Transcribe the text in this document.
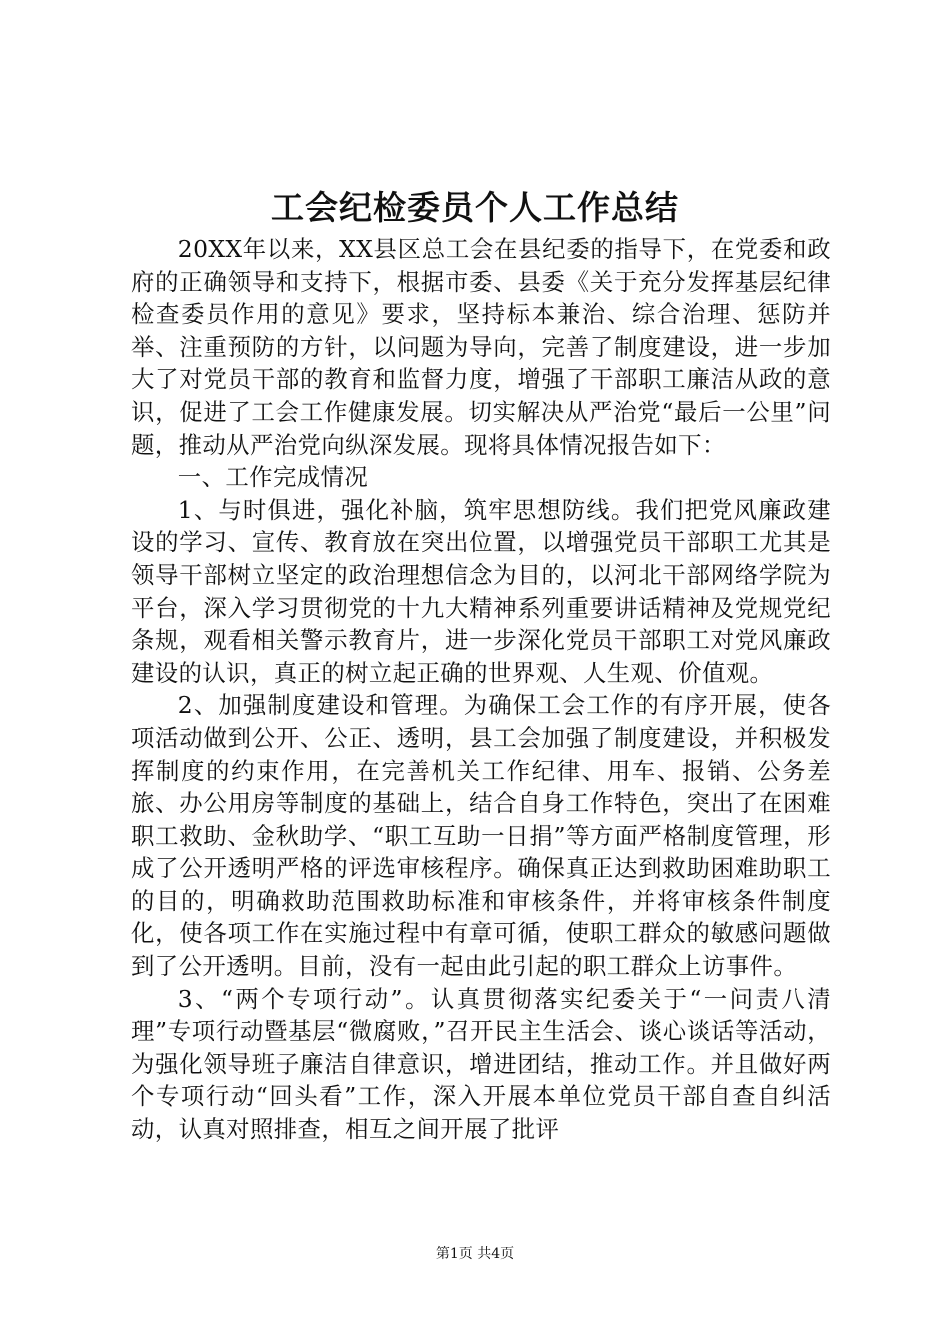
工会纪检委员个人工作总结

20XX年以来，XX县区总工会在县纪委的指导下，在党委和政府的正确领导和支持下，根据市委、县委《关于充分发挥基层纪律检查委员作用的意见》要求，坚持标本兼治、综合治理、惩防并举、注重预防的方针，以问题为导向，完善了制度建设，进一步加大了对党员干部的教育和监督力度，增强了干部职工廉洁从政的意识，促进了工会工作健康发展。切实解决从严治党“最后一公里”问题，推动从严治党向纵深发展。现将具体情况报告如下：

一、工作完成情况

1、与时俱进，强化补脑，筑牢思想防线。我们把党风廉政建设的学习、宣传、教育放在突出位置，以增强党员干部职工尤其是领导干部树立坚定的政治理想信念为目的，以河北干部网络学院为平台，深入学习贯彻党的十九大精神系列重要讲话精神及党规党纪条规，观看相关警示教育片，进一步深化党员干部职工对党风廉政建设的认识，真正的树立起正确的世界观、人生观、价值观。

2、加强制度建设和管理。为确保工会工作的有序开展，使各项活动做到公开、公正、透明，县工会加强了制度建设，并积极发挥制度的约束作用，在完善机关工作纪律、用车、报销、公务差旅、办公用房等制度的基础上，结合自身工作特色，突出了在困难职工救助、金秋助学、“职工互助一日捐”等方面严格制度管理，形成了公开透明严格的评选审核程序。确保真正达到救助困难助职工的目的，明确救助范围救助标准和审核条件，并将审核条件制度化，使各项工作在实施过程中有章可循，使职工群众的敏感问题做到了公开透明。目前，没有一起由此引起的职工群众上访事件。

3、“两个专项行动”。认真贯彻落实纪委关于“一问责八清理”专项行动暨基层“微腐败，”召开民主生活会、谈心谈话等活动，为强化领导班子廉洁自律意识，增进团结，推动工作。并且做好两个专项行动“回头看”工作，深入开展本单位党员干部自查自纠活动，认真对照排查，相互之间开展了批评

第1页 共4页
